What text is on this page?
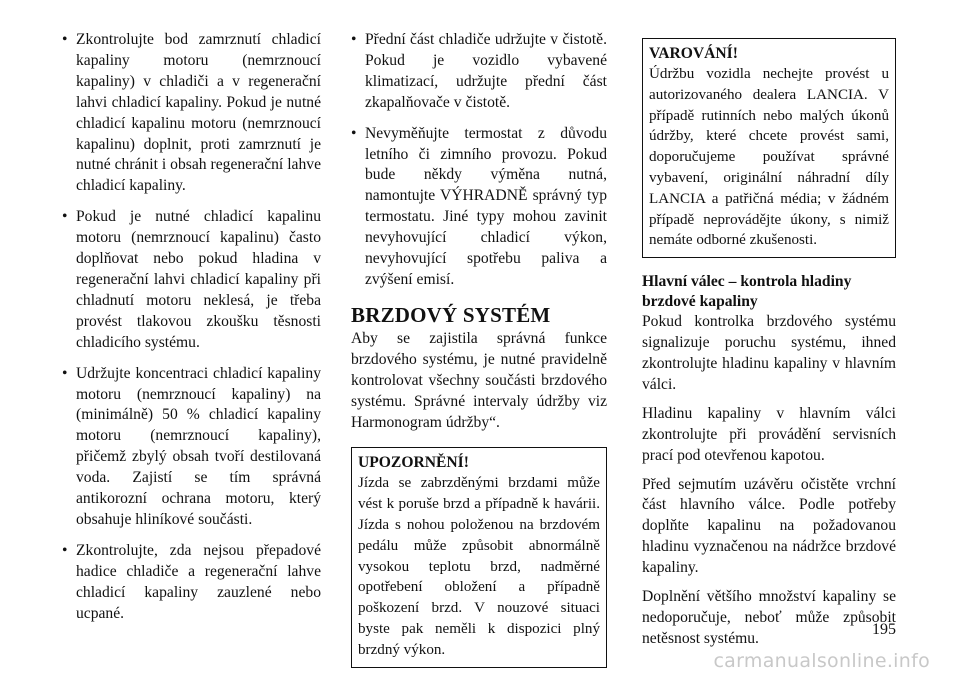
• Zkontrolujte bod zamrznutí chladicí kapaliny motoru (nemrznoucí kapaliny) v chladiči a v regenerační lahvi chladicí kapaliny. Pokud je nutné chladicí kapalinu motoru (nemrznoucí kapalinu) doplnit, proti zamrznutí je nutné chránit i obsah regenerační lahve chladicí kapaliny.
• Pokud je nutné chladicí kapalinu motoru (nemrznoucí kapalinu) často doplňovat nebo pokud hladina v regenerační lahvi chladicí kapaliny při chladnutí motoru neklesá, je třeba provést tlakovou zkoušku těsnosti chladicího systému.
• Udržujte koncentraci chladicí kapaliny motoru (nemrznoucí kapaliny) na (minimálně) 50 % chladicí kapaliny motoru (nemrznoucí kapaliny), přičemž zbylý obsah tvoří destilovaná voda. Zajistí se tím správná antikorozní ochrana motoru, který obsahuje hliníkové součásti.
• Zkontrolujte, zda nejsou přepadové hadice chladiče a regenerační lahve chladicí kapaliny zauzlené nebo ucpané.
• Přední část chladiče udržujte v čistotě. Pokud je vozidlo vybavené klimatizací, udržujte přední část zkapalňovače v čistotě.
• Nevyměňujte termostat z důvodu letního či zimního provozu. Pokud bude někdy výměna nutná, namontujte VÝHRADNĚ správný typ termostatu. Jiné typy mohou zavinit nevyhovující chladicí výkon, nevyhovující spotřebu paliva a zvýšení emisí.
BRZDOVÝ SYSTÉM

Aby se zajistila správná funkce brzdového systému, je nutné pravidelně kontrolovat všechny součásti brzdového systému. Správné intervaly údržby viz Harmonogram údržby“.

UPOZORNĚNÍ!
Jízda se zabrzděnými brzdami může vést k poruše brzd a případně k havárii. Jízda s nohou položenou na brzdovém pedálu může způsobit abnormálně vysokou teplotu brzd, nadměrné opotřebení obložení a případně poškození brzd. V nouzové situaci byste pak neměli k dispozici plný brzdný výkon.
VAROVÁNÍ!
Údržbu vozidla nechejte provést u autorizovaného dealera LANCIA. V případě rutinních nebo malých úkonů údržby, které chcete provést sami, doporučujeme používat správné vybavení, originální náhradní díly LANCIA a patřičná média; v žádném případě neprovádějte úkony, s nimiž nemáte odborné zkušenosti.
Hlavní válec – kontrola hladiny brzdové kapaliny

Pokud kontrolka brzdového systému signalizuje poruchu systému, ihned zkontrolujte hladinu kapaliny v hlavním válci.

Hladinu kapaliny v hlavním válci zkontrolujte při provádění servisních prací pod otevřenou kapotou.

Před sejmutím uzávěru očistěte vrchní část hlavního válce. Podle potřeby doplňte kapalinu na požadovanou hladinu vyznačenou na nádržce brzdové kapaliny.

Doplnění většího množství kapaliny se nedoporučuje, neboť může způsobit netěsnost systému.

195
carmanualsonline.info
